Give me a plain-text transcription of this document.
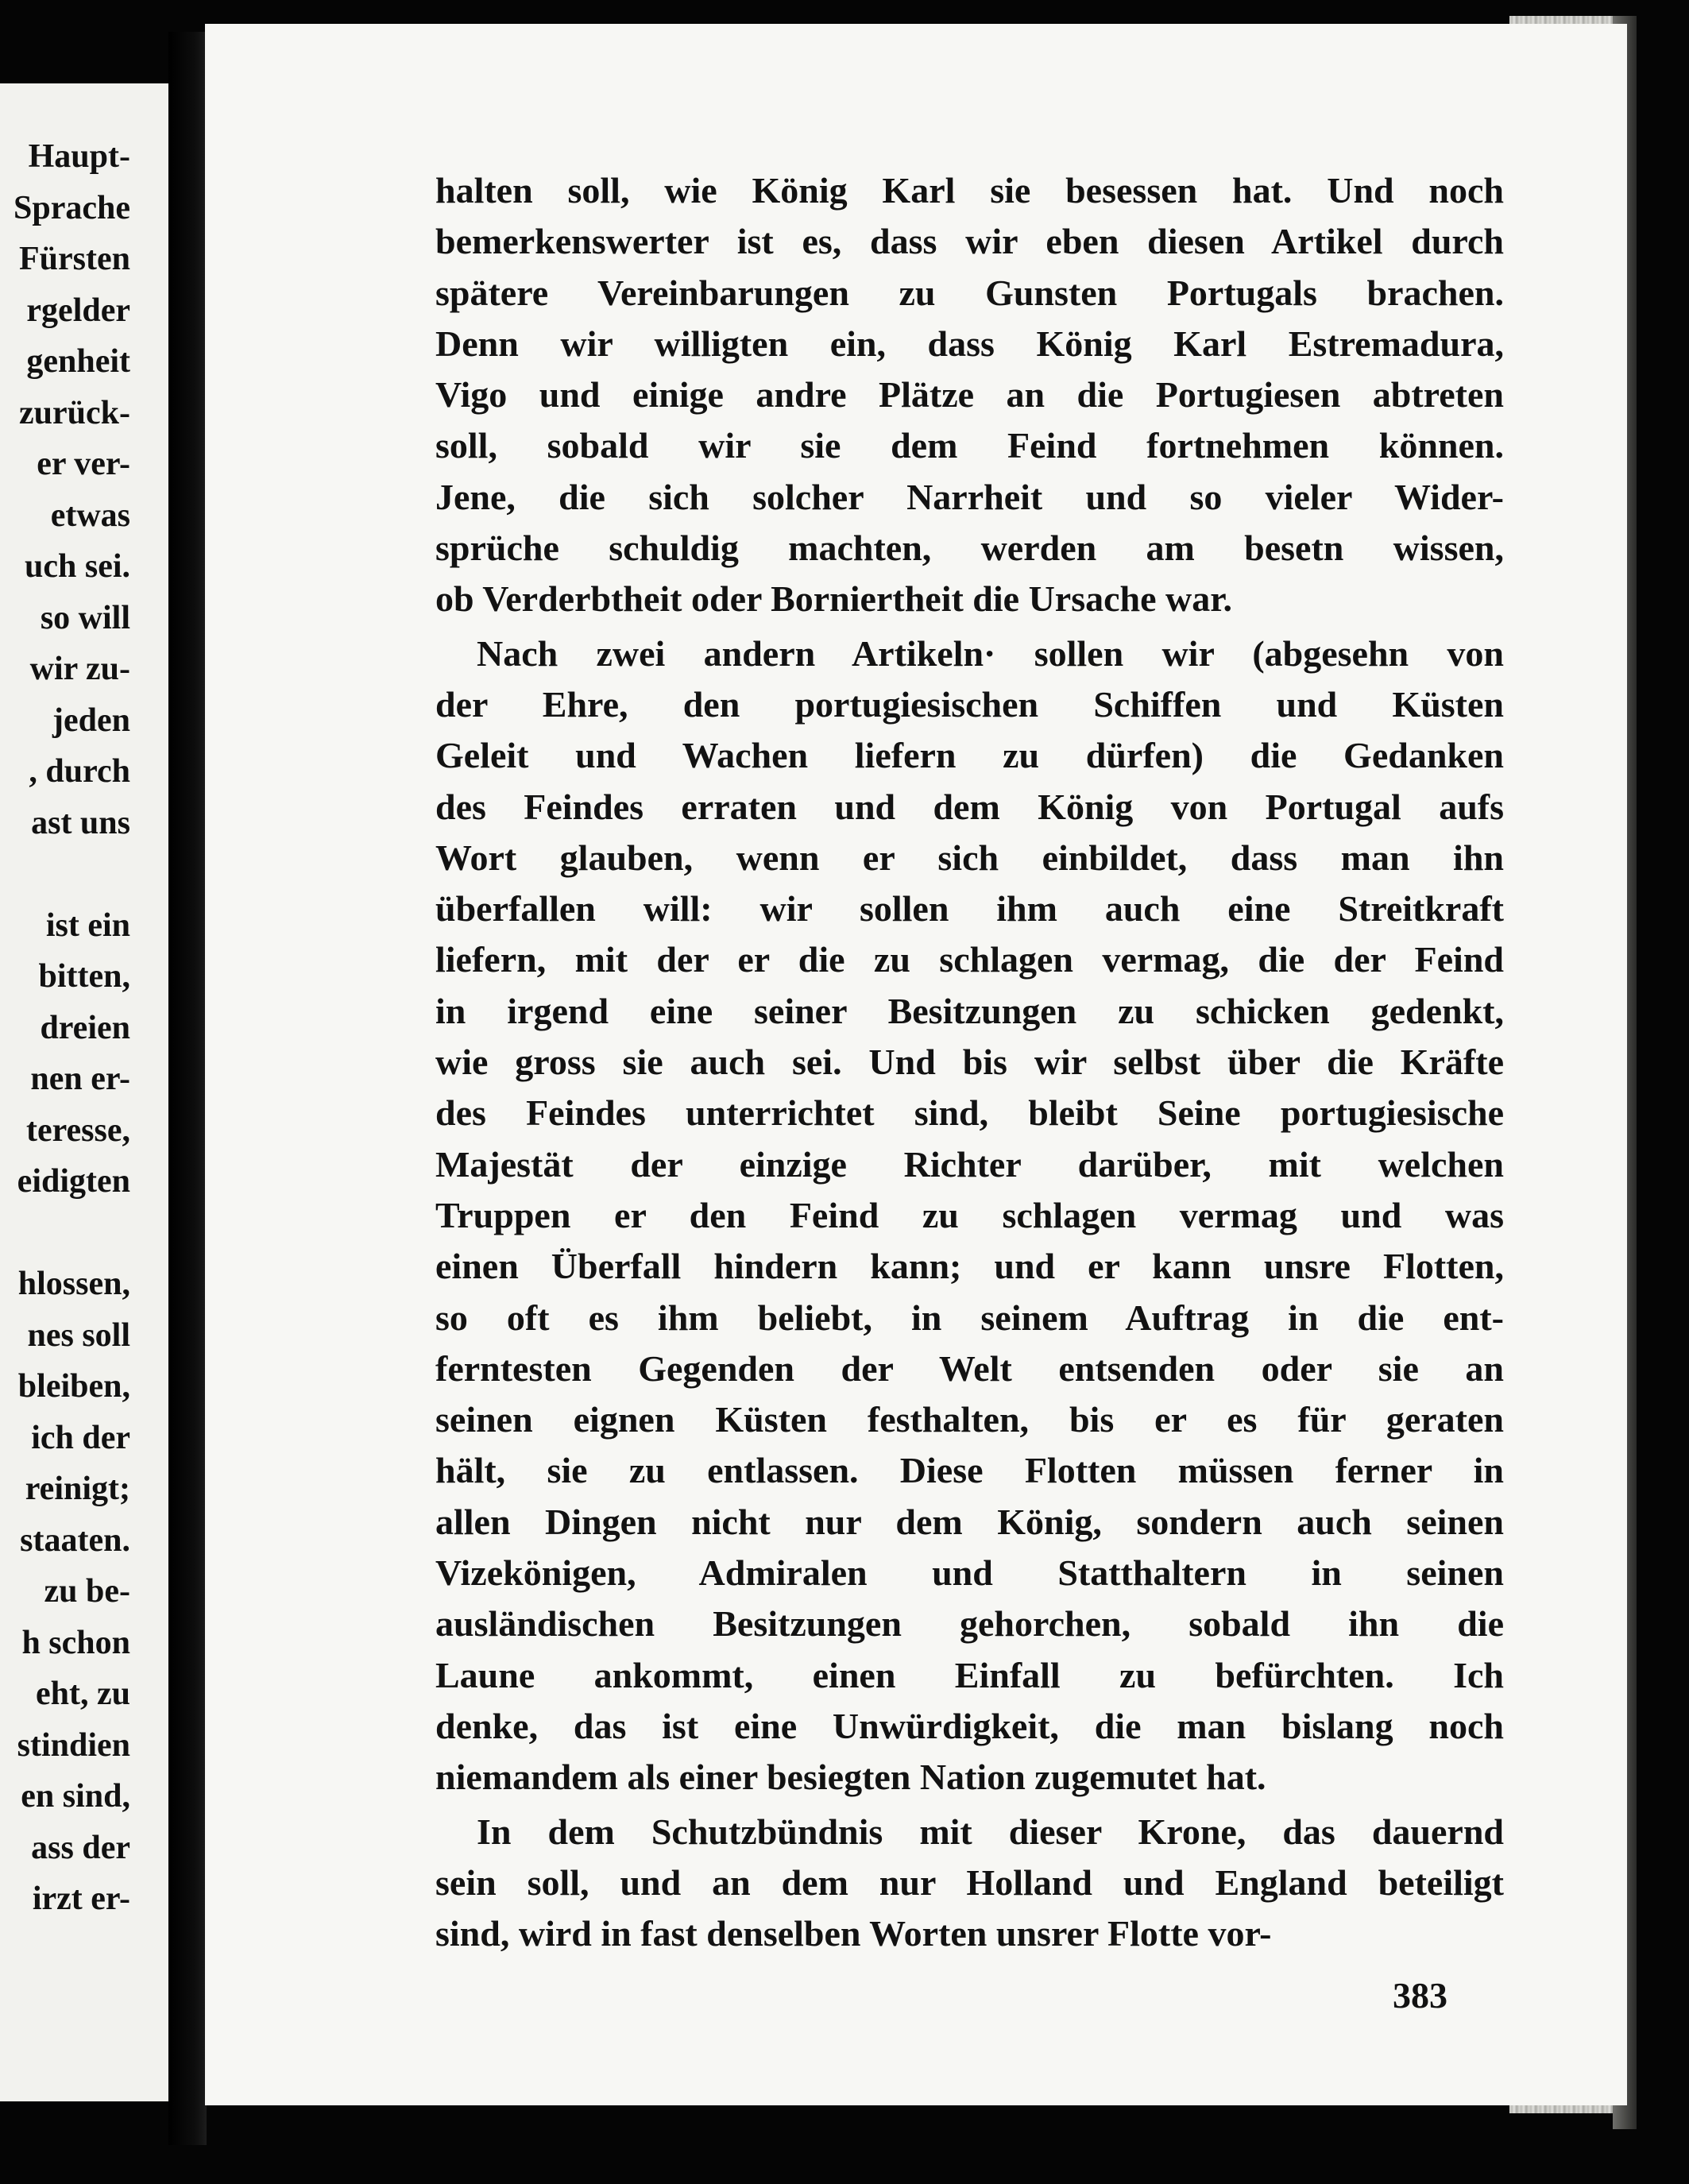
Haupt-
Sprache
Fürsten
rgelder
genheit
zurück-
er ver-
etwas
uch sei.
so will
wir zu-
jeden
, durch
ast uns
ist ein
bitten,
dreien
nen er-
teresse,
eidigten
hlossen,
nes soll
bleiben,
ich der
reinigt;
staaten.
zu be-
h schon
eht, zu
stindien
en sind,
ass der
irzt er-
halten soll, wie König Karl sie besessen hat. Und noch
bemerkenswerter ist es, dass wir eben diesen Artikel durch
spätere Vereinbarungen zu Gunsten Portugals brachen.
Denn wir willigten ein, dass König Karl Estremadura,
Vigo und einige andre Plätze an die Portugiesen abtreten
soll, sobald wir sie dem Feind fortnehmen können.
Jene, die sich solcher Narrheit und so vieler Wider-
sprüche schuldig machten, werden am besetn wissen,
ob Verderbtheit oder Borniertheit die Ursache war.
Nach zwei andern Artikeln· sollen wir (abgesehn von
der Ehre, den portugiesischen Schiffen und Küsten
Geleit und Wachen liefern zu dürfen) die Gedanken
des Feindes erraten und dem König von Portugal aufs
Wort glauben, wenn er sich einbildet, dass man ihn
überfallen will: wir sollen ihm auch eine Streitkraft
liefern, mit der er die zu schlagen vermag, die der Feind
in irgend eine seiner Besitzungen zu schicken gedenkt,
wie gross sie auch sei. Und bis wir selbst über die Kräfte
des Feindes unterrichtet sind, bleibt Seine portugiesische
Majestät der einzige Richter darüber, mit welchen
Truppen er den Feind zu schlagen vermag und was
einen Überfall hindern kann; und er kann unsre Flotten,
so oft es ihm beliebt, in seinem Auftrag in die ent-
ferntesten Gegenden der Welt entsenden oder sie an
seinen eignen Küsten festhalten, bis er es für geraten
hält, sie zu entlassen. Diese Flotten müssen ferner in
allen Dingen nicht nur dem König, sondern auch seinen
Vizekönigen, Admiralen und Statthaltern in seinen
ausländischen Besitzungen gehorchen, sobald ihn die
Laune ankommt, einen Einfall zu befürchten. Ich
denke, das ist eine Unwürdigkeit, die man bislang noch
niemandem als einer besiegten Nation zugemutet hat.
In dem Schutzbündnis mit dieser Krone, das dauernd
sein soll, und an dem nur Holland und England beteiligt
sind, wird in fast denselben Worten unsrer Flotte vor-
383
